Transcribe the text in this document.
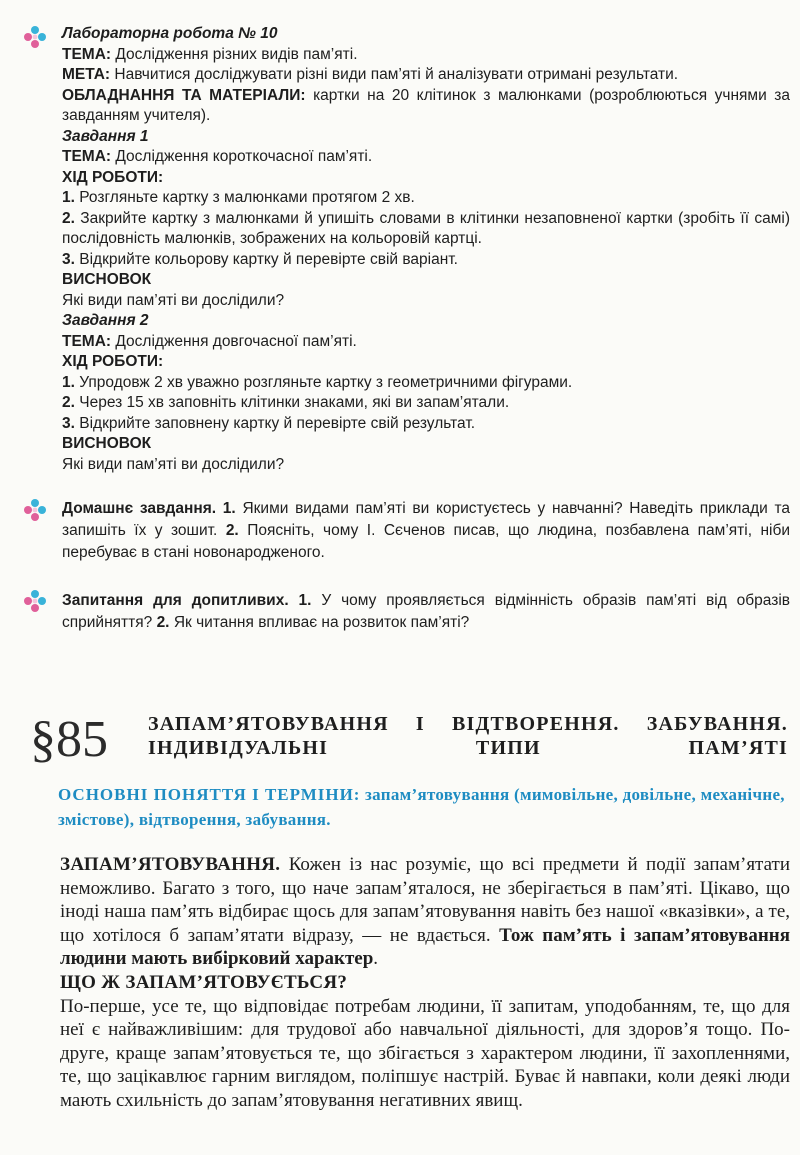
Лабораторна робота № 10

ТЕМА: Дослідження різних видів пам’яті.

МЕТА: Навчитися досліджувати різні види пам’яті й аналізувати отримані результати.

ОБЛАДНАННЯ ТА МАТЕРІАЛИ: картки на 20 клітинок з малюнками (розроблюються учнями за завданням учителя).

Завдання 1

ТЕМА: Дослідження короткочасної пам’яті.

ХІД РОБОТИ:

1. Розгляньте картку з малюнками протягом 2 хв.

2. Закрийте картку з малюнками й упишіть словами в клітинки незаповненої картки (зробіть її самі) послідовність малюнків, зображених на кольоровій картці.

3. Відкрийте кольорову картку й перевірте свій варіант.

ВИСНОВОК

Які види пам’яті ви дослідили?

Завдання 2

ТЕМА: Дослідження довгочасної пам’яті.

ХІД РОБОТИ:

1. Упродовж 2 хв уважно розгляньте картку з геометричними фігурами.

2. Через 15 хв заповніть клітинки знаками, які ви запам’ятали.

3. Відкрийте заповнену картку й перевірте свій результат.

ВИСНОВОК

Які види пам’яті ви дослідили?

Домашнє завдання. 1. Якими видами пам’яті ви користуєтесь у навчанні? Наведіть приклади та запишіть їх у зошит. 2. Поясніть, чому І. Сєченов писав, що людина, позбавлена пам’яті, ніби перебуває в стані новонародженого.

Запитання для допитливих. 1. У чому проявляється відмінність образів пам’яті від образів сприйняття? 2. Як читання впливає на розвиток пам’яті?

§85 ЗАПАМ’ЯТОВУВАННЯ І ВІДТВОРЕННЯ. ЗАБУВАННЯ. ІНДИВІДУАЛЬНІ ТИПИ ПАМ’ЯТІ
ОСНОВНІ ПОНЯТТЯ І ТЕРМІНИ: запам’ятовування (мимовільне, довільне, механічне, змістове), відтворення, забування.

ЗАПАМ’ЯТОВУВАННЯ. Кожен із нас розуміє, що всі предмети й події запам’ятати неможливо. Багато з того, що наче запам’яталося, не зберігається в пам’яті. Цікаво, що іноді наша пам’ять відбирає щось для запам’ятовування навіть без нашої «вказівки», а те, що хотілося б запам’ятати відразу, — не вдається. Тож пам’ять і запам’ятовування людини мають вибірковий характер.

ЩО Ж ЗАПАМ’ЯТОВУЄТЬСЯ?

По-перше, усе те, що відповідає потребам людини, її запитам, уподобанням, те, що для неї є найважливішим: для трудової або навчальної діяльності, для здоров’я тощо. По-друге, краще запам’ятовується те, що збігається з характером людини, її захопленнями, те, що зацікавлює гарним виглядом, поліпшує настрій. Буває й навпаки, коли деякі люди мають схильність до запам’ятовування негативних явищ.
